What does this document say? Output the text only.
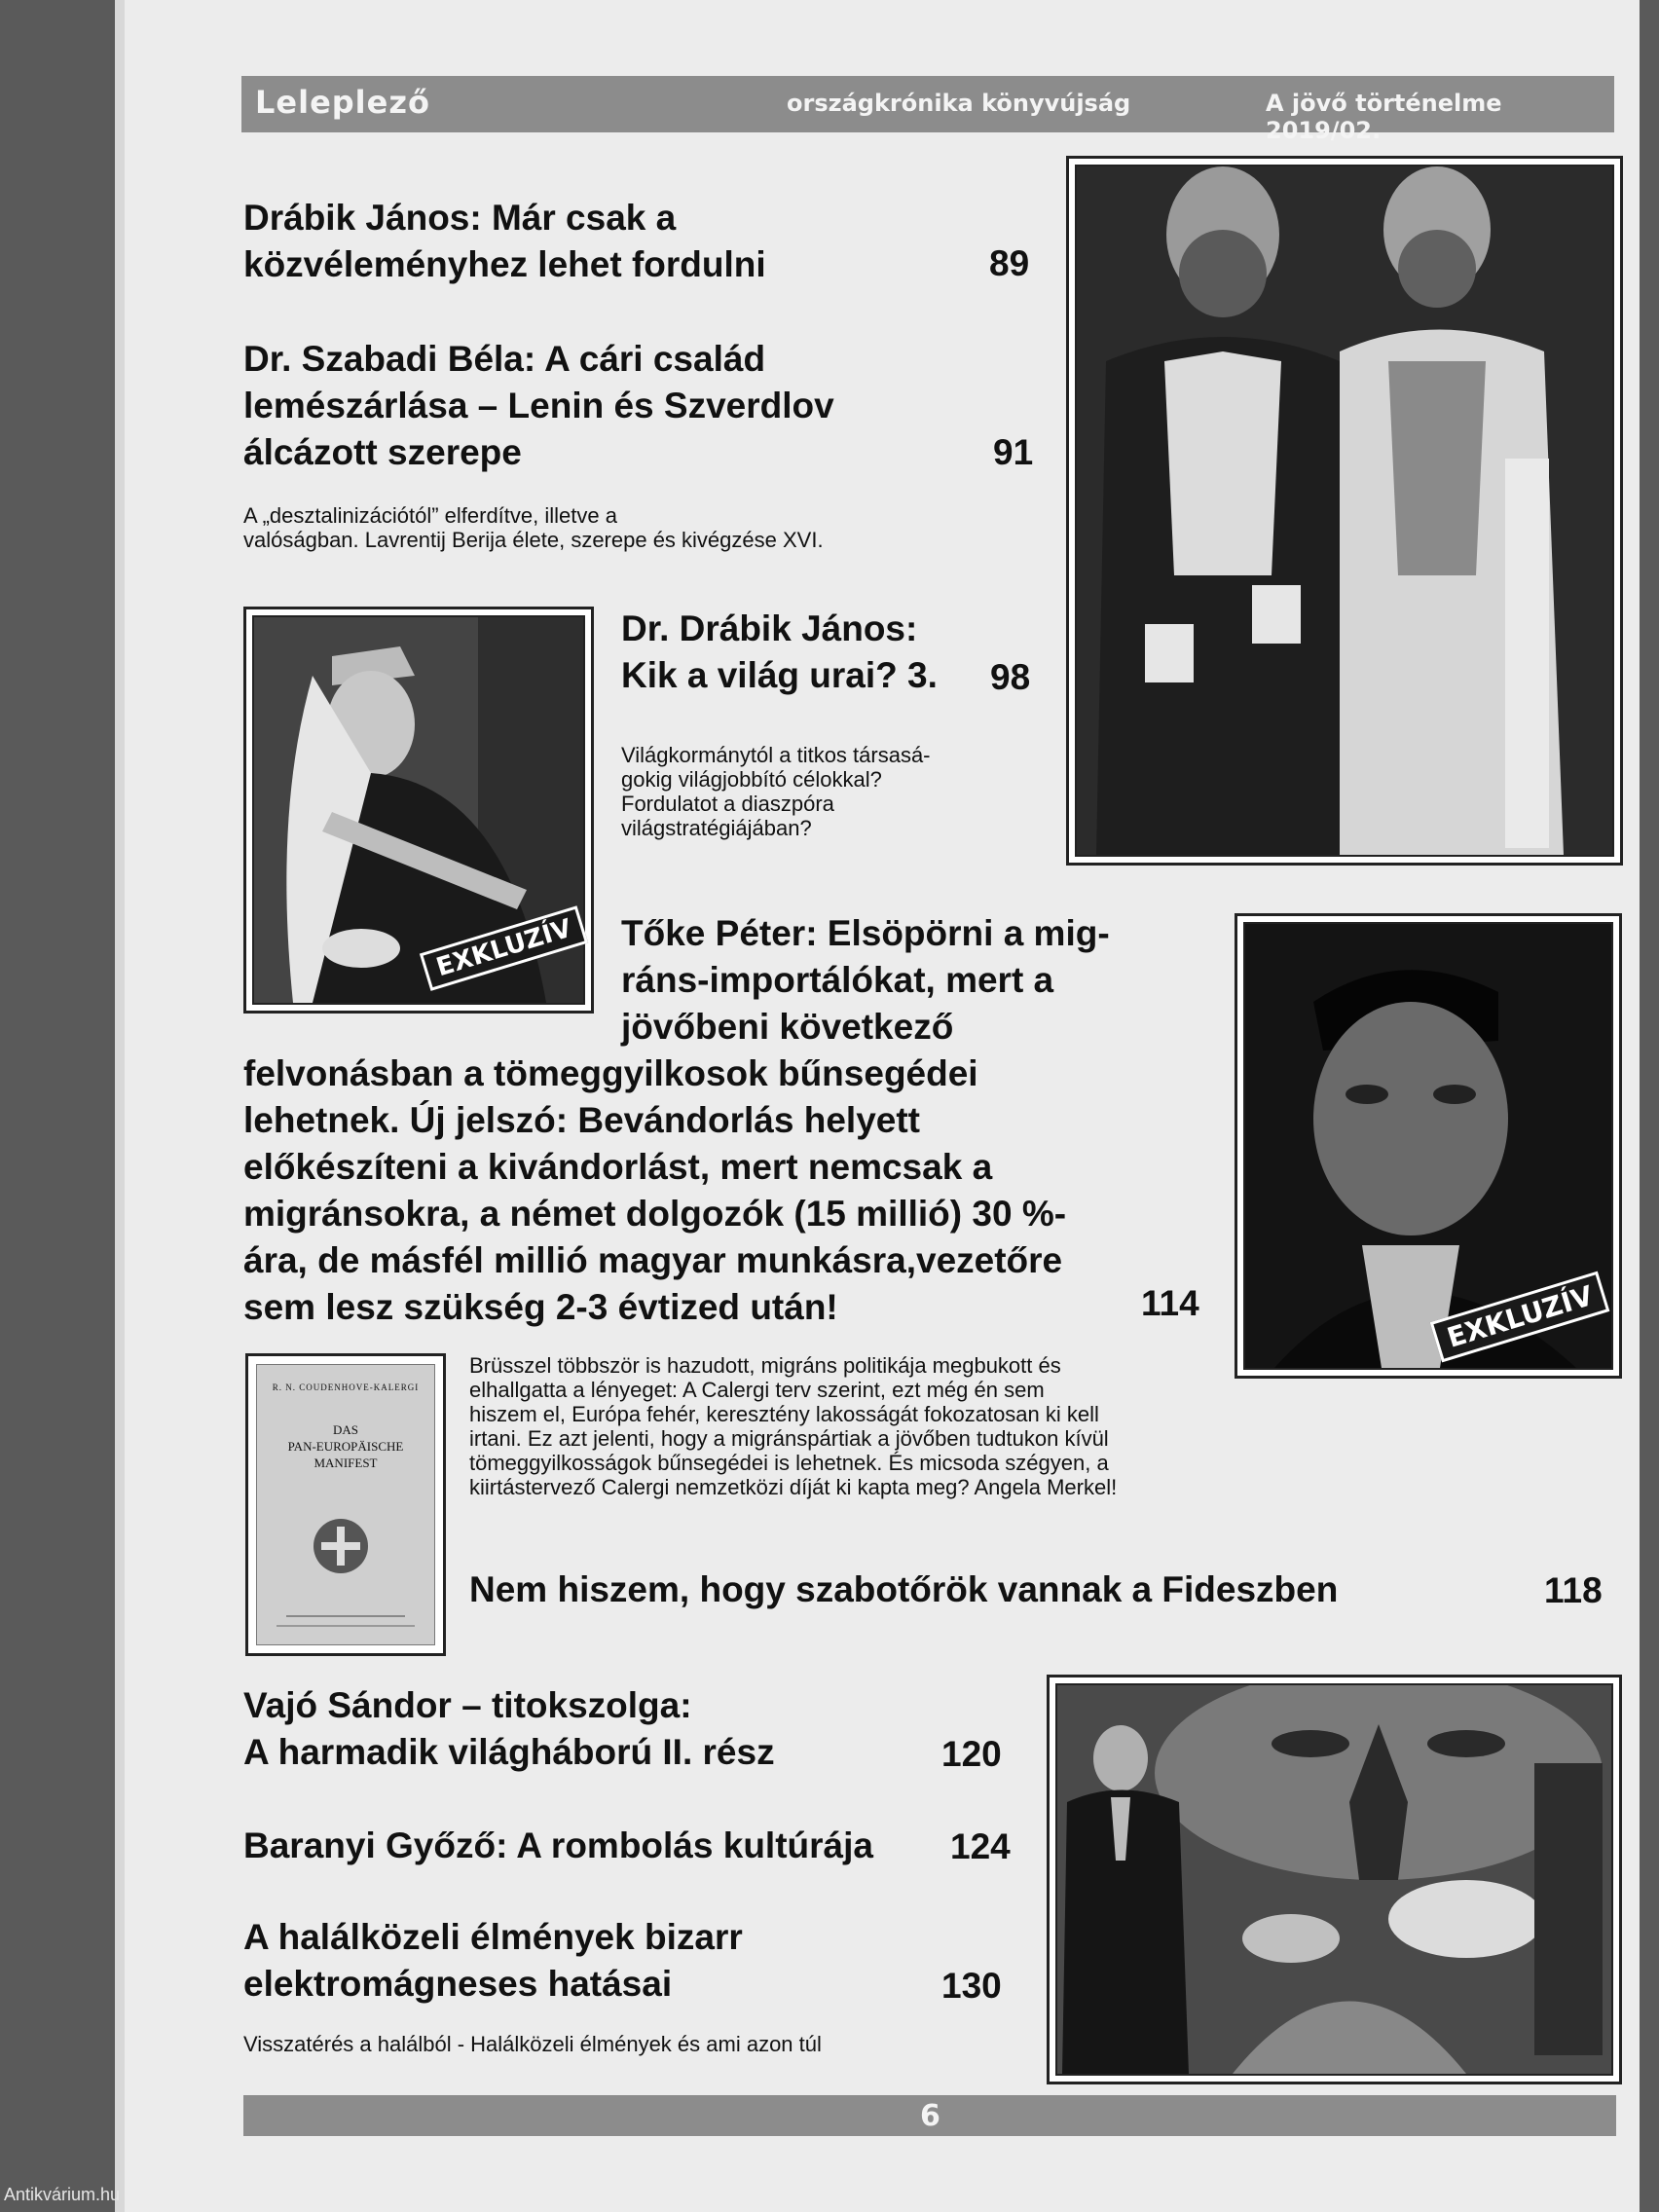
Leleplező	országkrónika könyvújság	A jövő történelme 2019/02.
Drábik János: Már csak a
közvéleményhez lehet fordulni	89
Dr. Szabadi Béla: A cári család
lemészárlása – Lenin és Szverdlov
álcázott szerepe	91
A „desztalinizációtól” elferdítve, illetve a
valóságban. Lavrentij Berija élete, szerepe és kivégzése XVI.
EXKLUZÍV
Dr. Drábik János:
Kik a világ urai? 3. 98
Világkormánytól a titkos társasá-
gokig világjobbító célokkal?
Fordulatot a diaszpóra
világstratégiájában?
EXKLUZÍV
Tőke Péter: Elsöpörni a mig-
ráns-importálókat, mert a
jövőbeni következő
felvonásban a tömeggyilkosok bűnsegédei
lehetnek. Új jelszó: Bevándorlás helyett
előkészíteni a kivándorlást, mert nemcsak a
migránsokra, a német dolgozók (15 millió) 30 %-
ára, de másfél millió magyar munkásra,vezetőre
sem lesz szükség 2-3 évtized után!	114
R. N. COUDENHOVE-KALERGI
DAS
PAN-EUROPÄISCHE
MANIFEST
Brüsszel többször is hazudott, migráns politikája megbukott és
elhallgatta a lényeget: A Calergi terv szerint, ezt még én sem
hiszem el, Európa fehér, keresztény lakosságát fokozatosan ki kell
irtani. Ez azt jelenti, hogy a migránspártiak a jövőben tudtukon kívül
tömeggyilkosságok bűnsegédei is lehetnek. És micsoda szégyen, a
kiirtástervező Calergi nemzetközi díját ki kapta meg? Angela Merkel!
Nem hiszem, hogy szabotőrök vannak a Fideszben	118
Vajó Sándor – titokszolga:
A harmadik világháború II. rész	120
Baranyi Győző: A rombolás kultúrája 124
A halálközeli élmények bizarr
elektromágneses hatásai	130
Visszatérés a halálból - Halálközeli élmények és ami azon túl
6
Antikvárium.hu
